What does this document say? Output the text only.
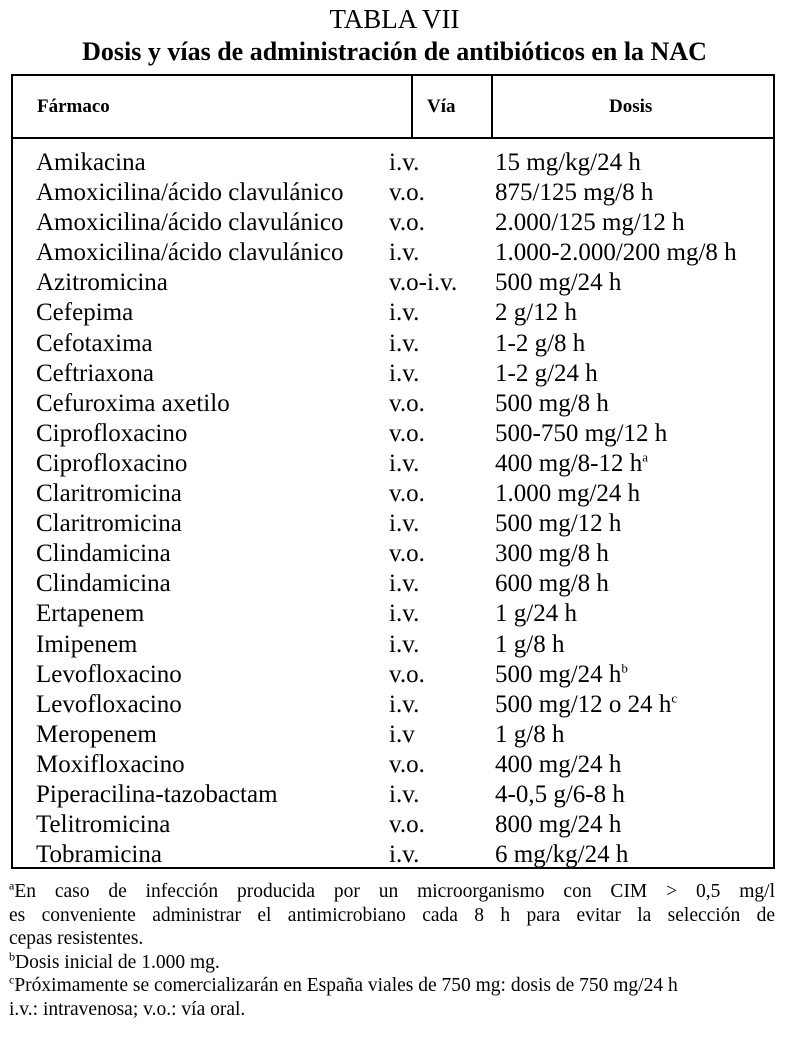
TABLA VII
Dosis y vías de administración de antibióticos en la NAC
Fármaco	Vía	Dosis
Amikacina	i.v.	15 mg/kg/24 h
Amoxicilina/ácido clavulánico v.o.	875/125 mg/8 h
Amoxicilina/ácido clavulánico v.o.	2.000/125 mg/12 h
Amoxicilina/ácido clavulánico i.v.	1.000-2.000/200 mg/8 h
Azitromicina	v.o-i.v. 500 mg/24 h
Cefepima	i.v.	2 g/12 h
Cefotaxima	i.v.	1-2 g/8 h
Ceftriaxona	i.v.	1-2 g/24 h
Cefuroxima axetilo	v.o.	500 mg/8 h
Ciprofloxacino	v.o.	500-750 mg/12 h
Ciprofloxacino	i.v.	400 mg/8-12 $h^a$
Claritromicina	v.o.	1.000 mg/24 h
Claritromicina	i.v.	500 mg/12 h
Clindamicina	v.o.	300 mg/8 h
Clindamicina	i.v.	600 mg/8 h
Ertapenem	i.v.	1 g/24 h
Imipenem	i.v.	1 g/8 h
Levofloxacino	v.o.	500 mg/24 $h^b$
Levofloxacino	i.v.	500 mg/12 o 24 $h^c$
Meropenem	i.v	1 g/8 h
Moxifloxacino	v.o.	400 mg/24 h
Piperacilina-tazobactam	i.v.	4-0,5 g/6-8 h
Telitromicina	v.o.	800 mg/24 h
Tobramicina	i.v.	6 mg/kg/24 h

$^a$En caso de infección producida por un microorganismo con CIM > 0,5 mg/l

es conveniente administrar el antimicrobiano cada 8 h para evitar la selección de

cepas resistentes.

$^b$Dosis inicial de 1.000 mg.

$^c$Próximamente se comercializarán en España viales de 750 mg: dosis de 750 mg/24 h

i.v.: intravenosa; v.o.: vía oral.
